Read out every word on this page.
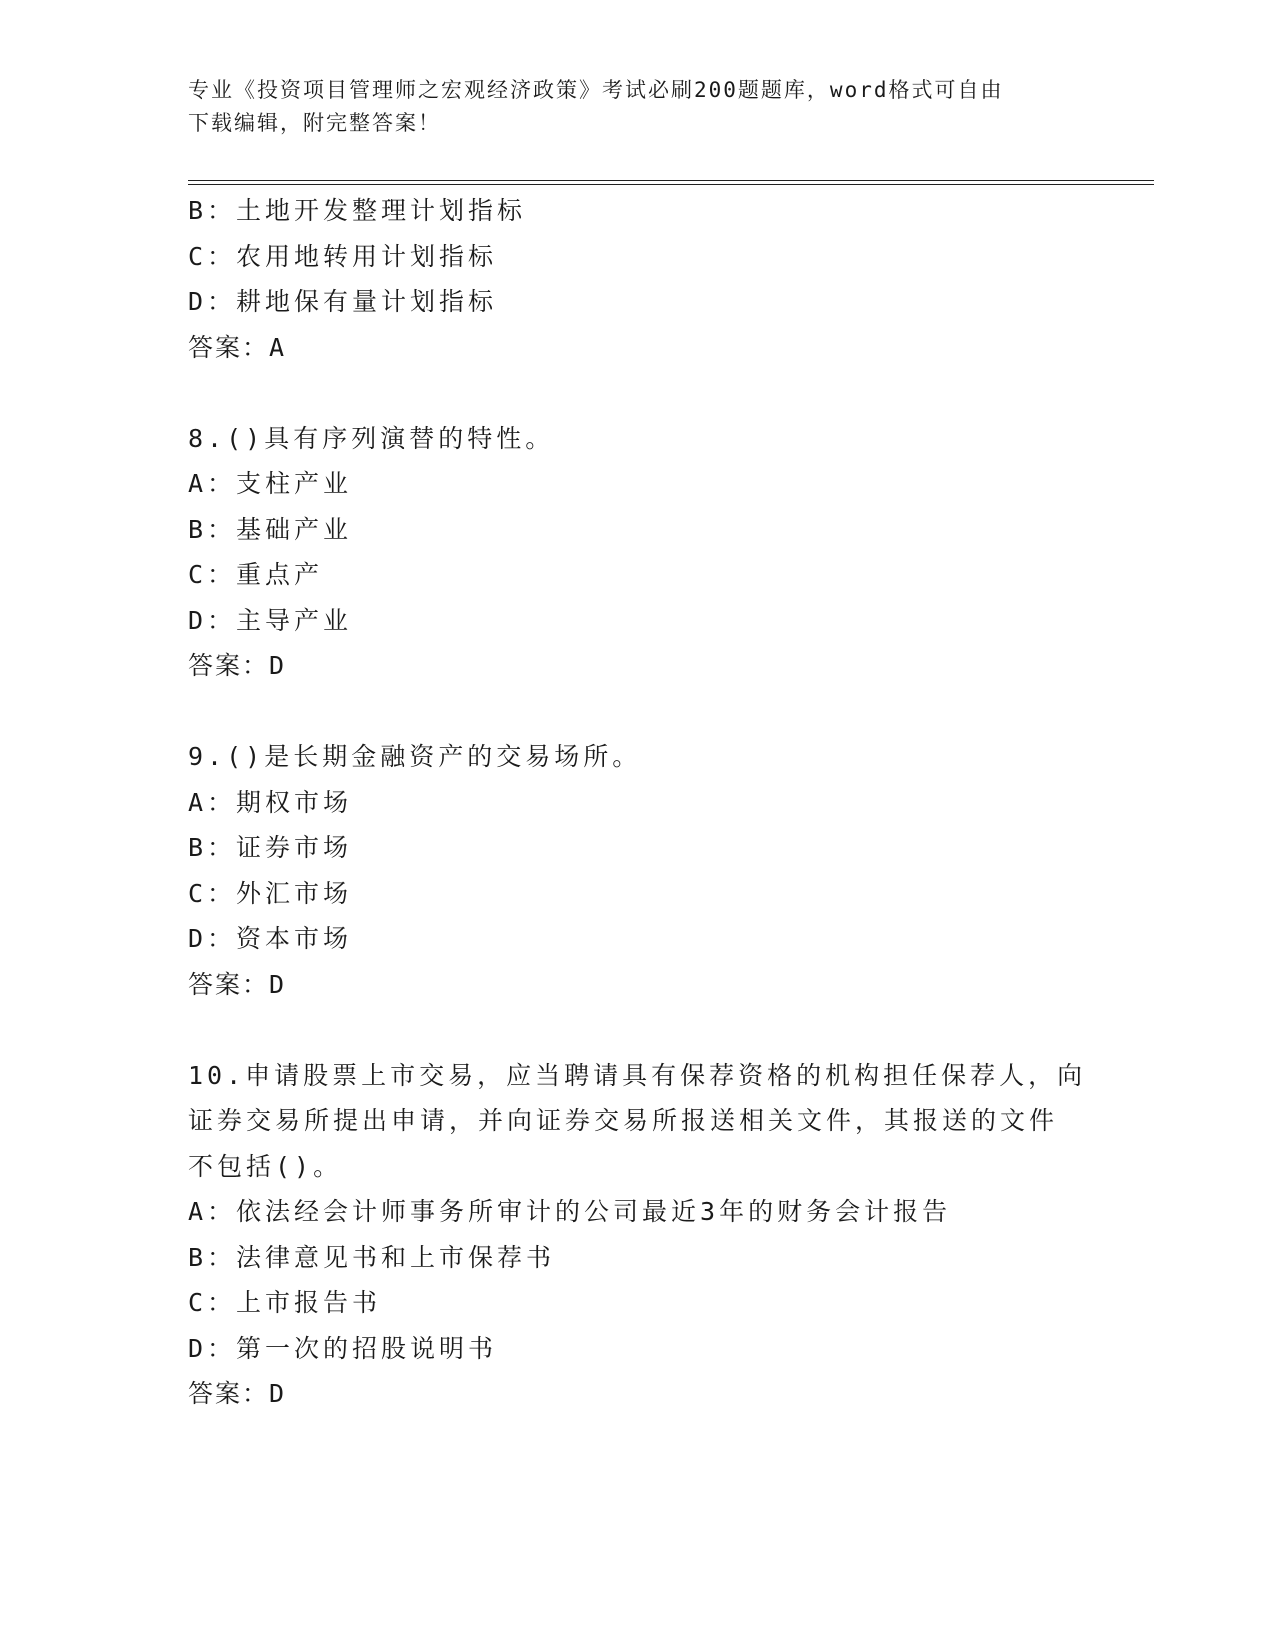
专业《投资项目管理师之宏观经济政策》考试必刷200题题库，word格式可自由
下载编辑，附完整答案！
B：土地开发整理计划指标
C：农用地转用计划指标
D：耕地保有量计划指标
答案：A
8.()具有序列演替的特性。
A：支柱产业
B：基础产业
C：重点产
D：主导产业
答案：D
9.()是长期金融资产的交易场所。
A：期权市场
B：证券市场
C：外汇市场
D：资本市场
答案：D
10.申请股票上市交易，应当聘请具有保荐资格的机构担任保荐人，向
证券交易所提出申请，并向证券交易所报送相关文件，其报送的文件
不包括()。
A：依法经会计师事务所审计的公司最近3年的财务会计报告
B：法律意见书和上市保荐书
C：上市报告书
D：第一次的招股说明书
答案：D
